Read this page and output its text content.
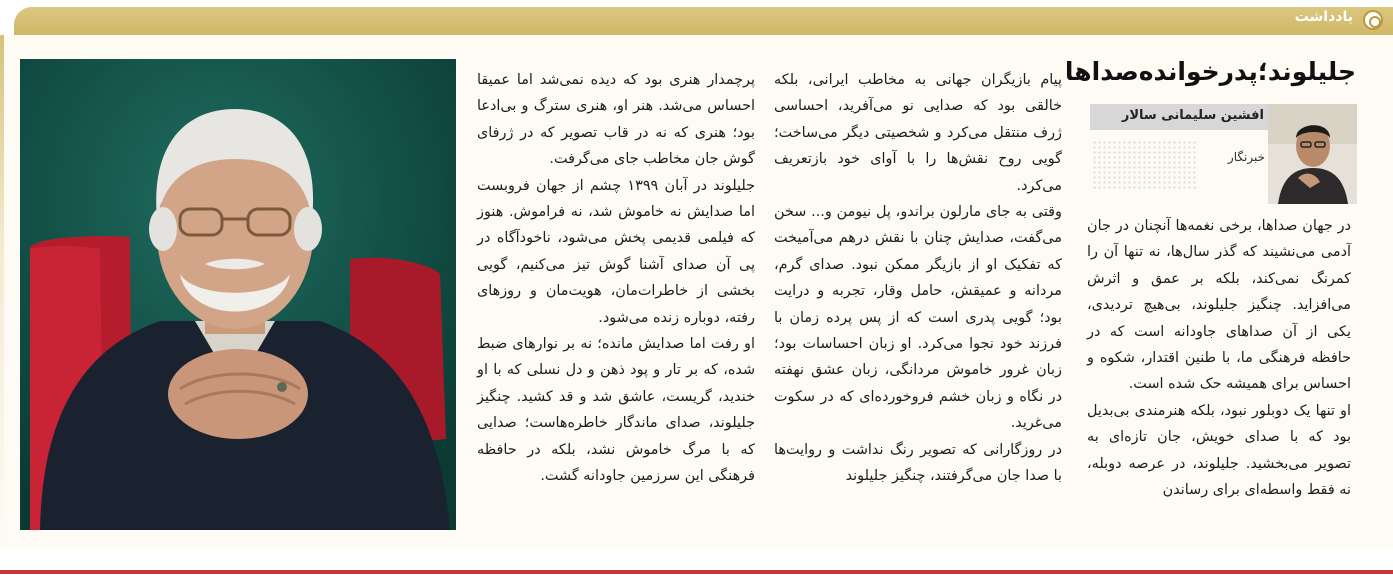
یادداشت
جلیلوند؛پدرخوانده‌صداها
افشین سلیمانی سالار
خبرنگار

در جهان صداها، برخی نغمه‌ها آنچنان در جان آدمی می‌نشیند که گذر سال‌ها، نه تنها آن را کمرنگ نمی‌کند، بلکه بر عمق و اثرش می‌افزاید. چنگیز جلیلوند، بی‌هیچ تردیدی، یکی از آن صداهای جاودانه است که در حافظه فرهنگی ما، با طنین اقتدار، شکوه و احساس برای همیشه حک شده است.

او تنها یک دوبلور نبود، بلکه هنرمندی بی‌بدیل بود که با صدای خویش، جان تازه‌ای به تصویر می‌بخشید. جلیلوند، در عرصه دوبله، نه فقط واسطه‌ای برای رساندن

پیام بازیگران جهانی به مخاطب ایرانی، بلکه خالقی بود که صدایی نو می‌آفرید، احساسی ژرف منتقل می‌کرد و شخصیتی دیگر می‌ساخت؛ گویی روح نقش‌ها را با آوای خود بازتعریف می‌کرد.

وقتی به جای مارلون براندو، پل نیومن و... سخن می‌گفت، صدایش چنان با نقش درهم می‌آمیخت که تفکیک او از بازیگر ممکن نبود. صدای گرم، مردانه و عمیقش، حامل وقار، تجربه و درایت بود؛ گویی پدری است که از پس پرده زمان با فرزند خود نجوا می‌کرد. او زبان احساسات بود؛ زبان غرور خاموش مردانگی، زبان عشق نهفته در نگاه و زبان خشم فروخورده‌ای که در سکوت می‌غرید.

در روزگارانی که تصویر رنگ نداشت و روایت‌ها با صدا جان می‌گرفتند، چنگیز جلیلوند

پرچمدار هنری بود که دیده نمی‌شد اما عمیقا احساس می‌شد. هنر او، هنری سترگ و بی‌ادعا بود؛ هنری که نه در قاب تصویر که در ژرفای گوش جان مخاطب جای می‌گرفت.

جلیلوند در آبان ۱۳۹۹ چشم از جهان فروبست اما صدایش نه خاموش شد، نه فراموش. هنوز که فیلمی قدیمی پخش می‌شود، ناخودآگاه در پی آن صدای آشنا گوش تیز می‌کنیم، گویی بخشی از خاطرات‌مان، هویت‌مان و روزهای رفته، دوباره زنده می‌شود.

او رفت اما صدایش مانده؛ نه بر نوارهای ضبط شده، که بر تار و پود ذهن و دل نسلی که با او خندید، گریست، عاشق شد و قد کشید. چنگیز جلیلوند، صدای ماندگار خاطره‌هاست؛ صدایی که با مرگ خاموش نشد، بلکه در حافظه فرهنگی این سرزمین جاودانه گشت.
